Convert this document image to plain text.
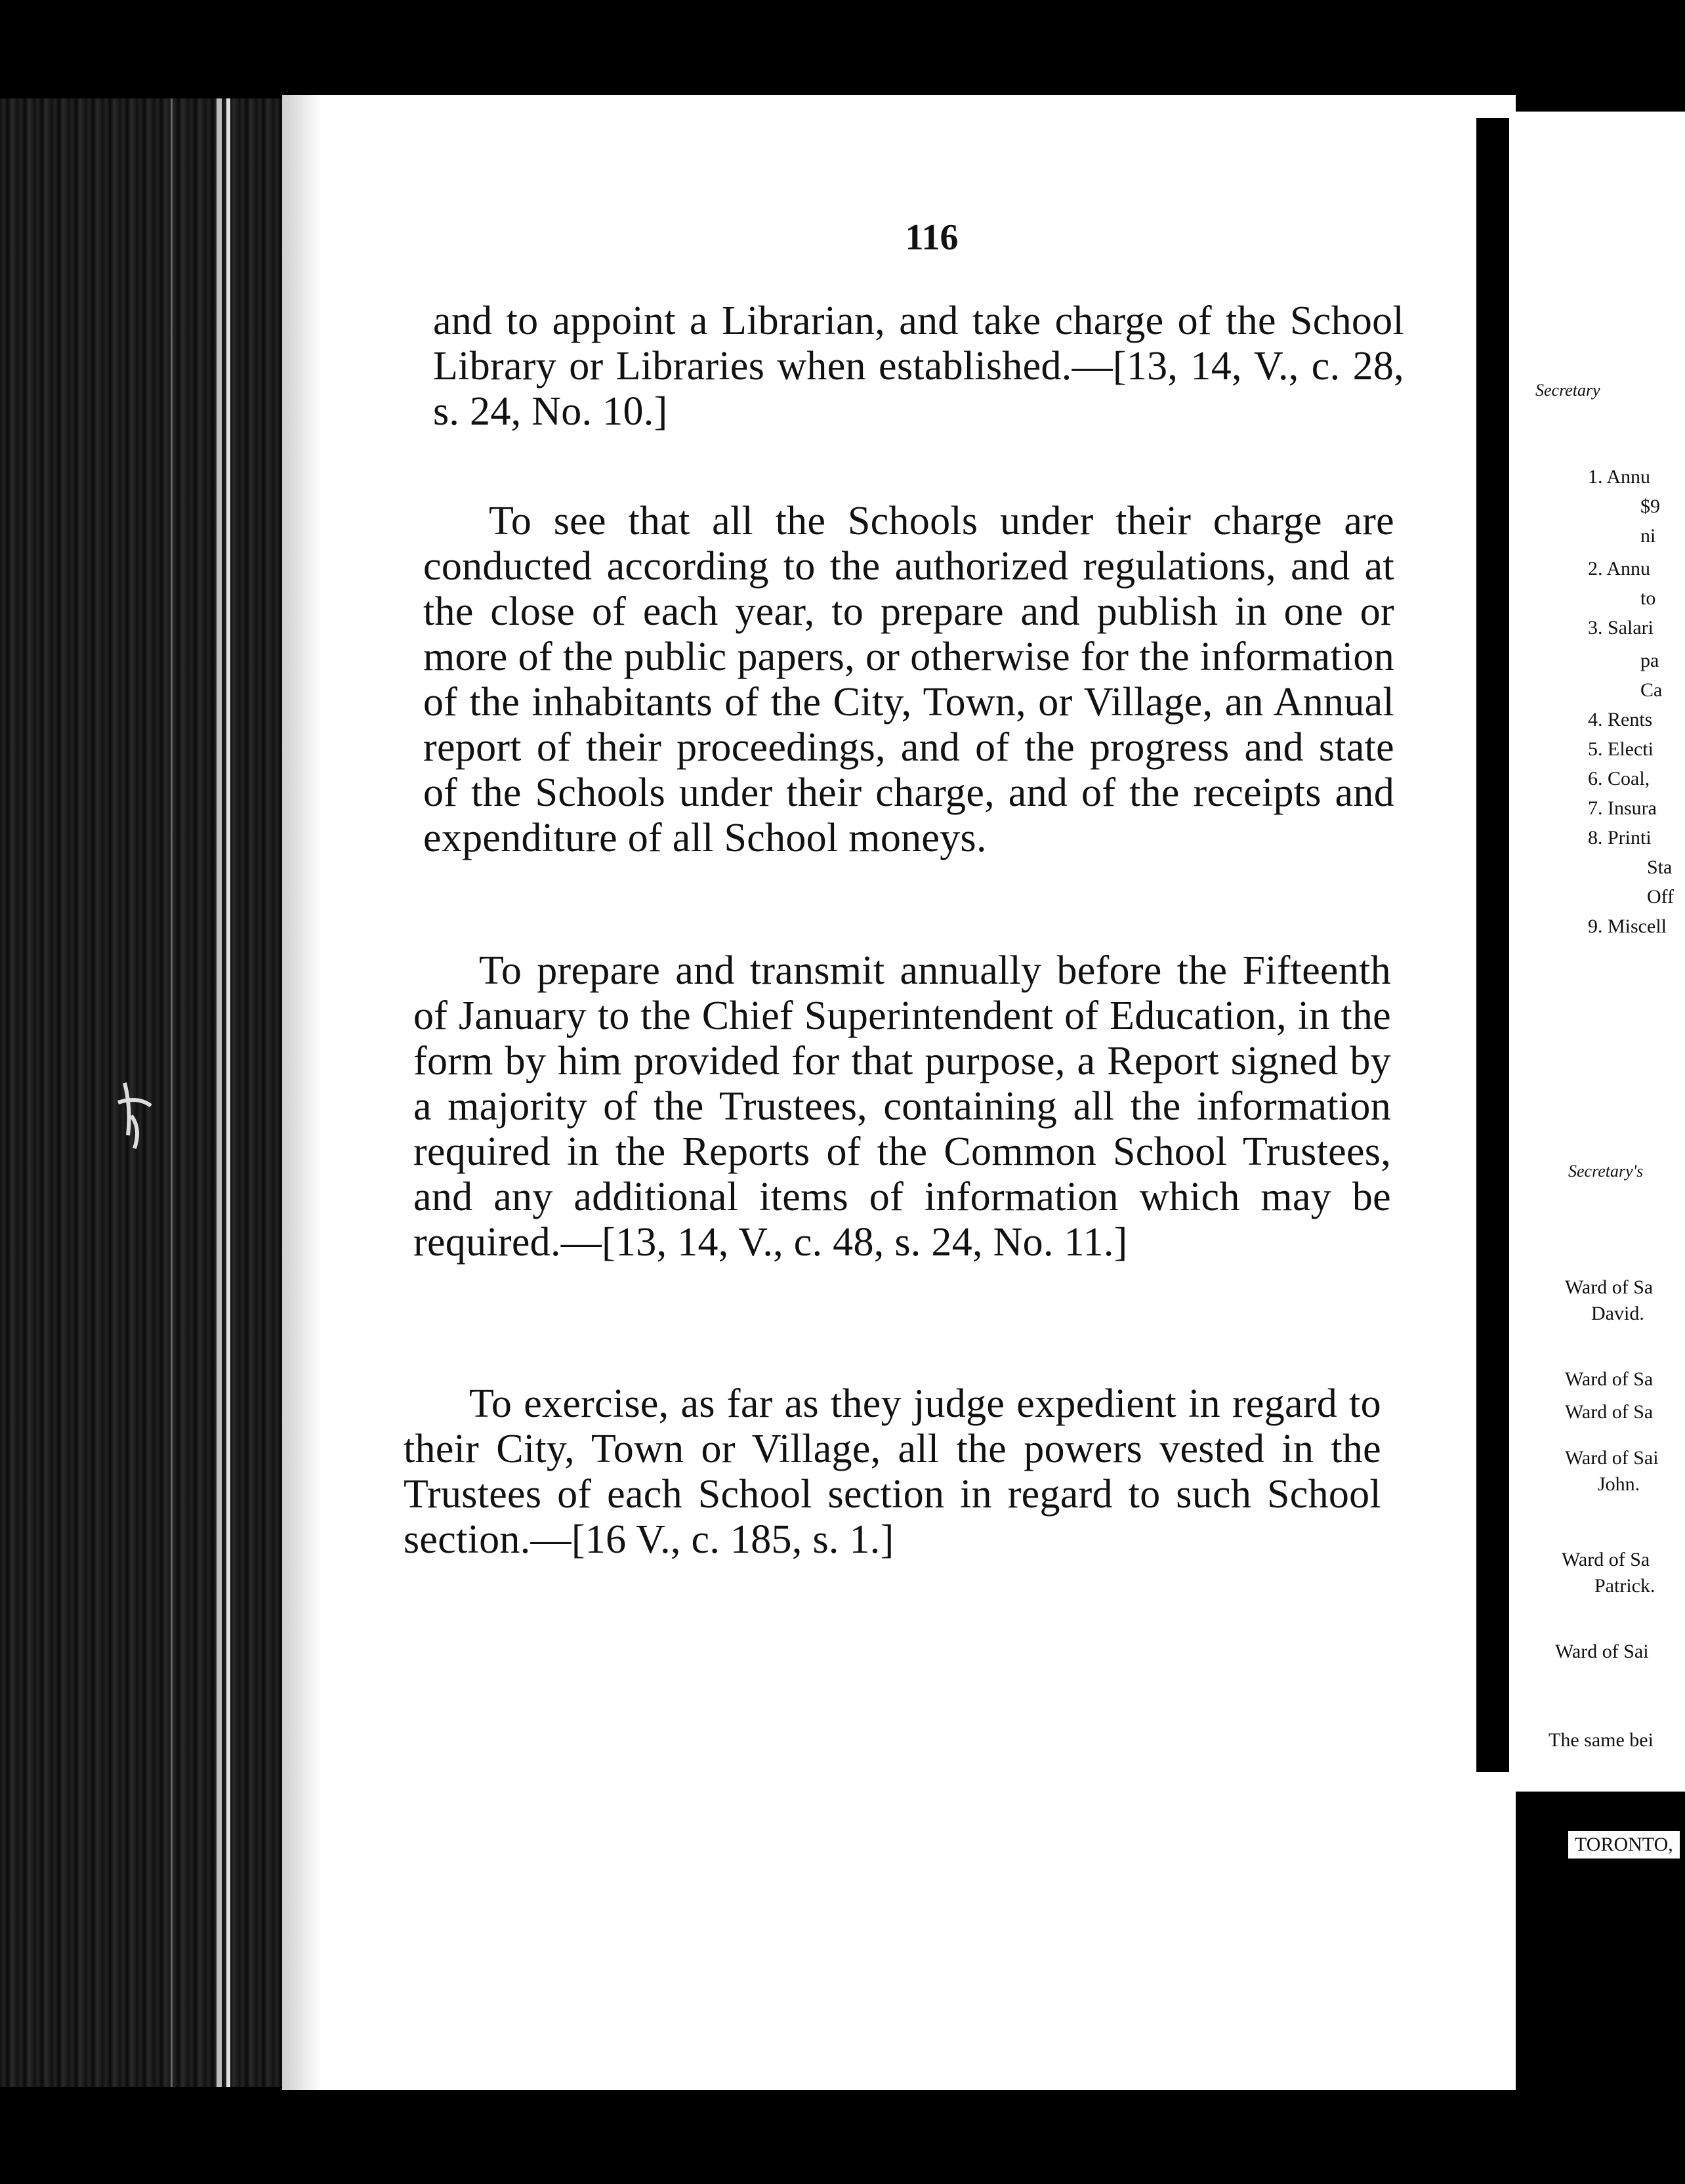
Secretary
1. Annu
$9
ni
2. Annu
to
3. Salari
pa
Ca
4. Rents
5. Electi
6. Coal,
7. Insura
8. Printi
Sta
Off
9. Miscell
Secretary's
Ward of Sa
David.
Ward of Sa
Ward of Sa
Ward of Sai
John.
Ward of Sa
Patrick.
Ward of Sai
The same bei
TORONTO,
116
and to appoint a Librarian, and take charge of the School Library or Libraries when established.—[13, 14, V., c. 28, s. 24, No. 10.]
To see that all the Schools under their charge are conducted according to the authorized regulations, and at the close of each year, to prepare and publish in one or more of the public papers, or otherwise for the information of the inhabitants of the City, Town, or Village, an Annual report of their proceedings, and of the progress and state of the Schools under their charge, and of the receipts and expenditure of all School moneys.
To prepare and transmit annually before the Fifteenth of January to the Chief Superintendent of Education, in the form by him provided for that purpose, a Report signed by a majority of the Trustees, containing all the information required in the Reports of the Common School Trustees, and any additional items of information which may be required.—[13, 14, V., c. 48, s. 24, No. 11.]
To exercise, as far as they judge expedient in regard to their City, Town or Village, all the powers vested in the Trustees of each School section in regard to such School section.—[16 V., c. 185, s. 1.]
